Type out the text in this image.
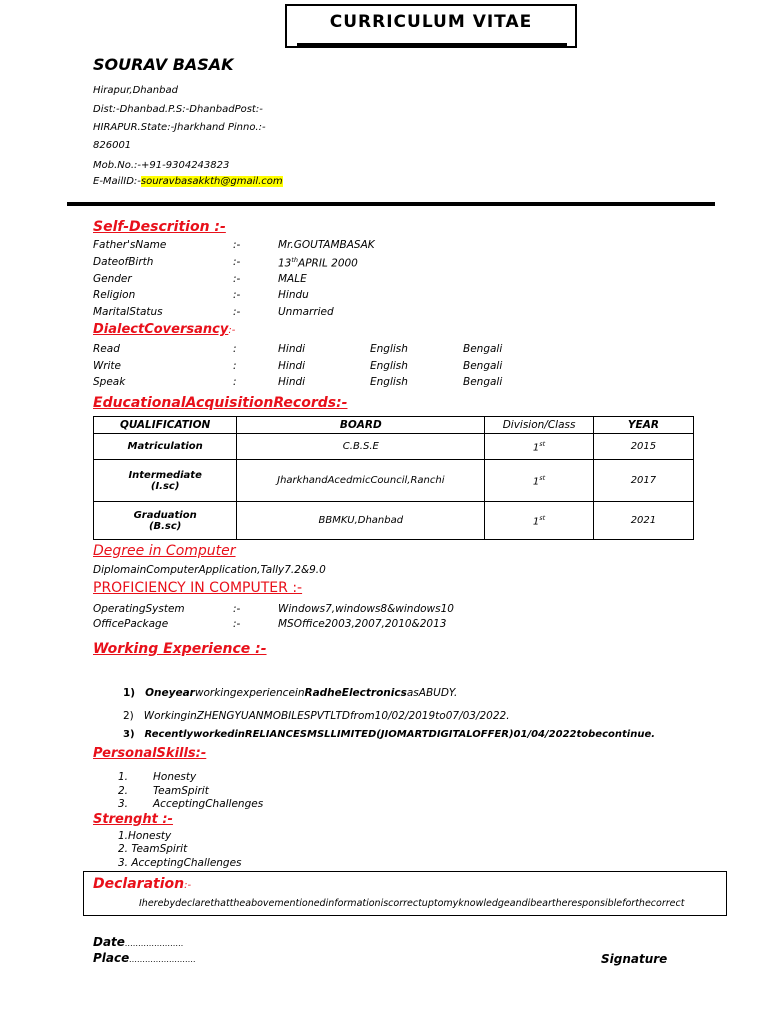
CURRICULUM VITAE
SOURAV BASAK
Hirapur,Dhanbad
Dist:-Dhanbad.P.S:-DhanbadPost:-
HIRAPUR.State:-Jharkhand Pinno.:-
826001
Mob.No.:-+91-9304243823
E-MailID:-souravbasakkth@gmail.com
Self-Descrition :-
Father'sName	:-	Mr.GOUTAMBASAK
DateofBirth	:-	13thAPRIL 2000
Gender	:-	MALE
Religion	:-	Hindu
MaritalStatus	:-	Unmarried
DialectCoversancy:-
Read	:	Hindi	English	Bengali
Write	:	Hindi	English	Bengali
Speak	:	Hindi	English	Bengali
EducationalAcquisitionRecords:-
QUALIFICATION	BOARD	Division/Class	YEAR
Matriculation	C.B.S.E	1st	2015

Intermediate
(I.sc)	JharkhandAcedmicCouncil,Ranchi	1st	2017

Graduation
(B.sc)	BBMKU,Dhanbad	1st	2021
Degree in Computer
DiplomainComputerApplication,Tally7.2&9.0
PROFICIENCY IN COMPUTER :-
OperatingSystem	:-	Windows7,windows8&windows10
OfficePackage	:-	MSOffice2003,2007,2010&2013
Working Experience :-
1) OneyearworkingexperienceinRadheElectronicsasABUDY.
2) WorkinginZHENGYUANMOBILESPVTLTDfrom10/02/2019to07/03/2022.
3) RecentlyworkedinRELIANCESMSLLIMITED(JIOMARTDIGITALOFFER)01/04/2022tobecontinue.
PersonalSkills:-
1. Honesty
2. TeamSpirit
3. AcceptingChallenges
Strenght :-
1.Honesty
2. TeamSpirit
3. AcceptingChallenges
Declaration:-
Iherebydeclarethattheabovementionedinformationiscorrectuptomyknowledgeandibeartheresponsibleforthecorrect
Date………………….
Place…………………….	Signature
